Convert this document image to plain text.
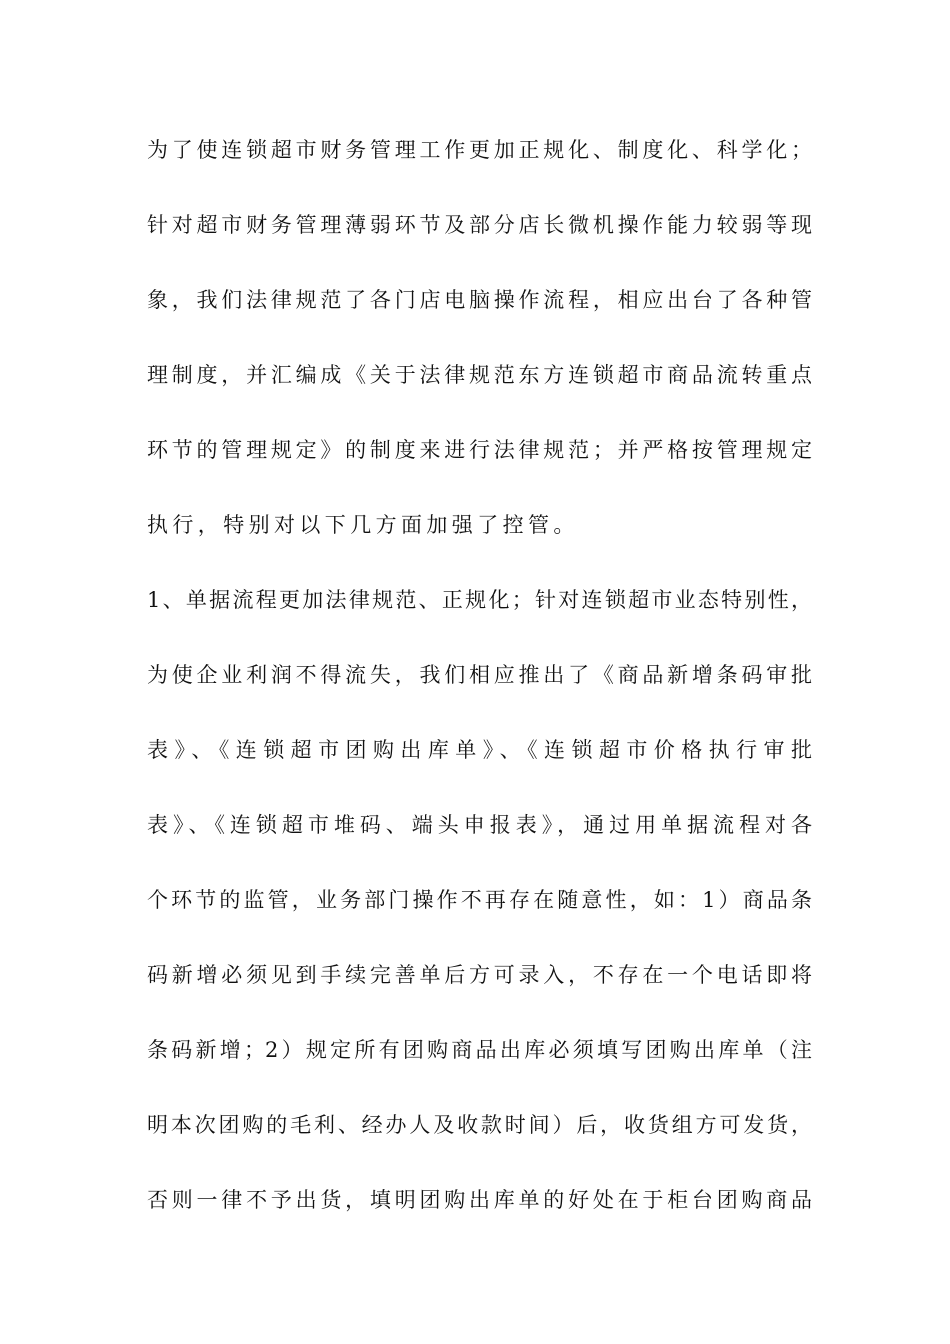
为了使连锁超市财务管理工作更加正规化、制度化、科学化；
针对超市财务管理薄弱环节及部分店长微机操作能力较弱等现
象，我们法律规范了各门店电脑操作流程，相应出台了各种管
理制度，并汇编成《关于法律规范东方连锁超市商品流转重点
环节的管理规定》的制度来进行法律规范；并严格按管理规定
执行，特别对以下几方面加强了控管。
1、单据流程更加法律规范、正规化；针对连锁超市业态特别性，
为使企业利润不得流失，我们相应推出了《商品新增条码审批
表》、《连锁超市团购出库单》、《连锁超市价格执行审批
表》、《连锁超市堆码、端头申报表》，通过用单据流程对各
个环节的监管，业务部门操作不再存在随意性，如：1）商品条
码新增必须见到手续完善单后方可录入，不存在一个电话即将
条码新增；2）规定所有团购商品出库必须填写团购出库单（注
明本次团购的毛利、经办人及收款时间）后，收货组方可发货，
否则一律不予出货，填明团购出库单的好处在于柜台团购商品
